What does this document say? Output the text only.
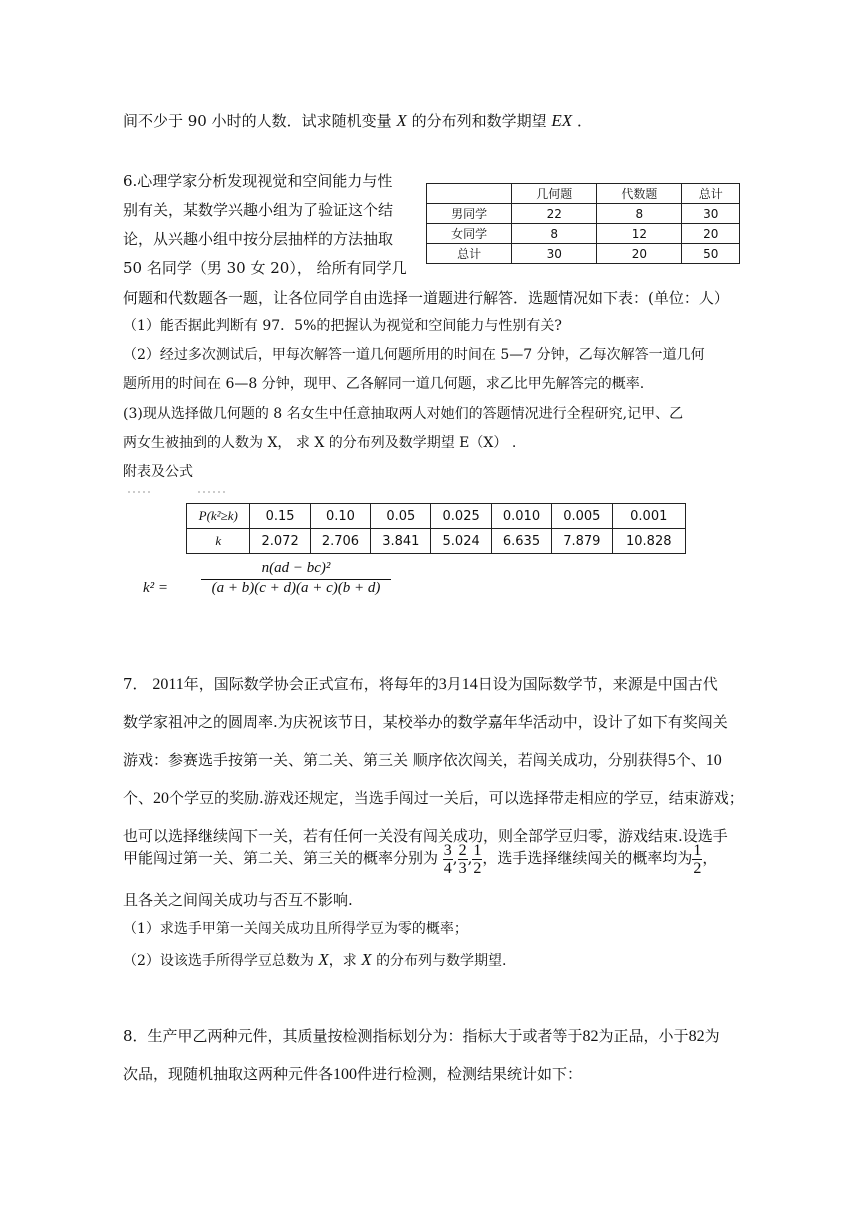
间不少于 90 小时的人数．试求随机变量 X 的分布列和数学期望 EX ．
6.心理学家分析发现视觉和空间能力与性
别有关，某数学兴趣小组为了验证这个结
论，从兴趣小组中按分层抽样的方法抽取
50 名同学（男 30 女 20）， 给所有同学几
	几何题	代数题	总计
男同学	22	8	30
女同学	8	12	20
总计	30	20	50
何题和代数题各一题，让各位同学自由选择一道题进行解答．选题情况如下表：(单位：人）
（1）能否据此判断有 97．5%的把握认为视觉和空间能力与性别有关?
（2）经过多次测试后，甲每次解答一道几何题所用的时间在 5—7 分钟，乙每次解答一道几何
题所用的时间在 6—8 分钟，现甲、乙各解同一道几何题，求乙比甲先解答完的概率.
(3)现从选择做几何题的 8 名女生中任意抽取两人对她们的答题情况进行全程研究,记甲、乙
两女生被抽到的人数为 X， 求 X 的分布列及数学期望 E（X） .
附表及公式
P(k²≥k)	0.15	0.10	0.05	0.025	0.010	0.005	0.001
k	2.072	2.706	3.841	5.024	6.635	7.879	10.828
$k^2 = \frac{\text{n(ad − bc)²}}{(a + b)(c + d)(a + c)(b + d)}$
7． 2011年，国际数学协会正式宣布，将每年的3月14日设为国际数学节，来源是中国古代
数学家祖冲之的圆周率.为庆祝该节日，某校举办的数学嘉年华活动中，设计了如下有奖闯关
游戏：参赛选手按第一关、第二关、第三关 顺序依次闯关，若闯关成功，分别获得5个、10
个、20个学豆的奖励.游戏还规定，当选手闯过一关后，可以选择带走相应的学豆，结束游戏；
也可以选择继续闯下一关，若有任何一关没有闯关成功，则全部学豆归零，游戏结束.设选手
甲能闯过第一关、第二关、第三关的概率分别为 $\frac{3}{4}$ , $\frac{2}{3}$ , $\frac{1}{2}$ ，选手选择继续闯关的概率均为 $\frac{1}{2}$ ，
且各关之间闯关成功与否互不影响.
（1）求选手甲第一关闯关成功且所得学豆为零的概率；
（2）设该选手所得学豆总数为 X，求 X 的分布列与数学期望.
8．生产甲乙两种元件，其质量按检测指标划分为：指标大于或者等于82为正品，小于82为
次品，现随机抽取这两种元件各100件进行检测，检测结果统计如下：
